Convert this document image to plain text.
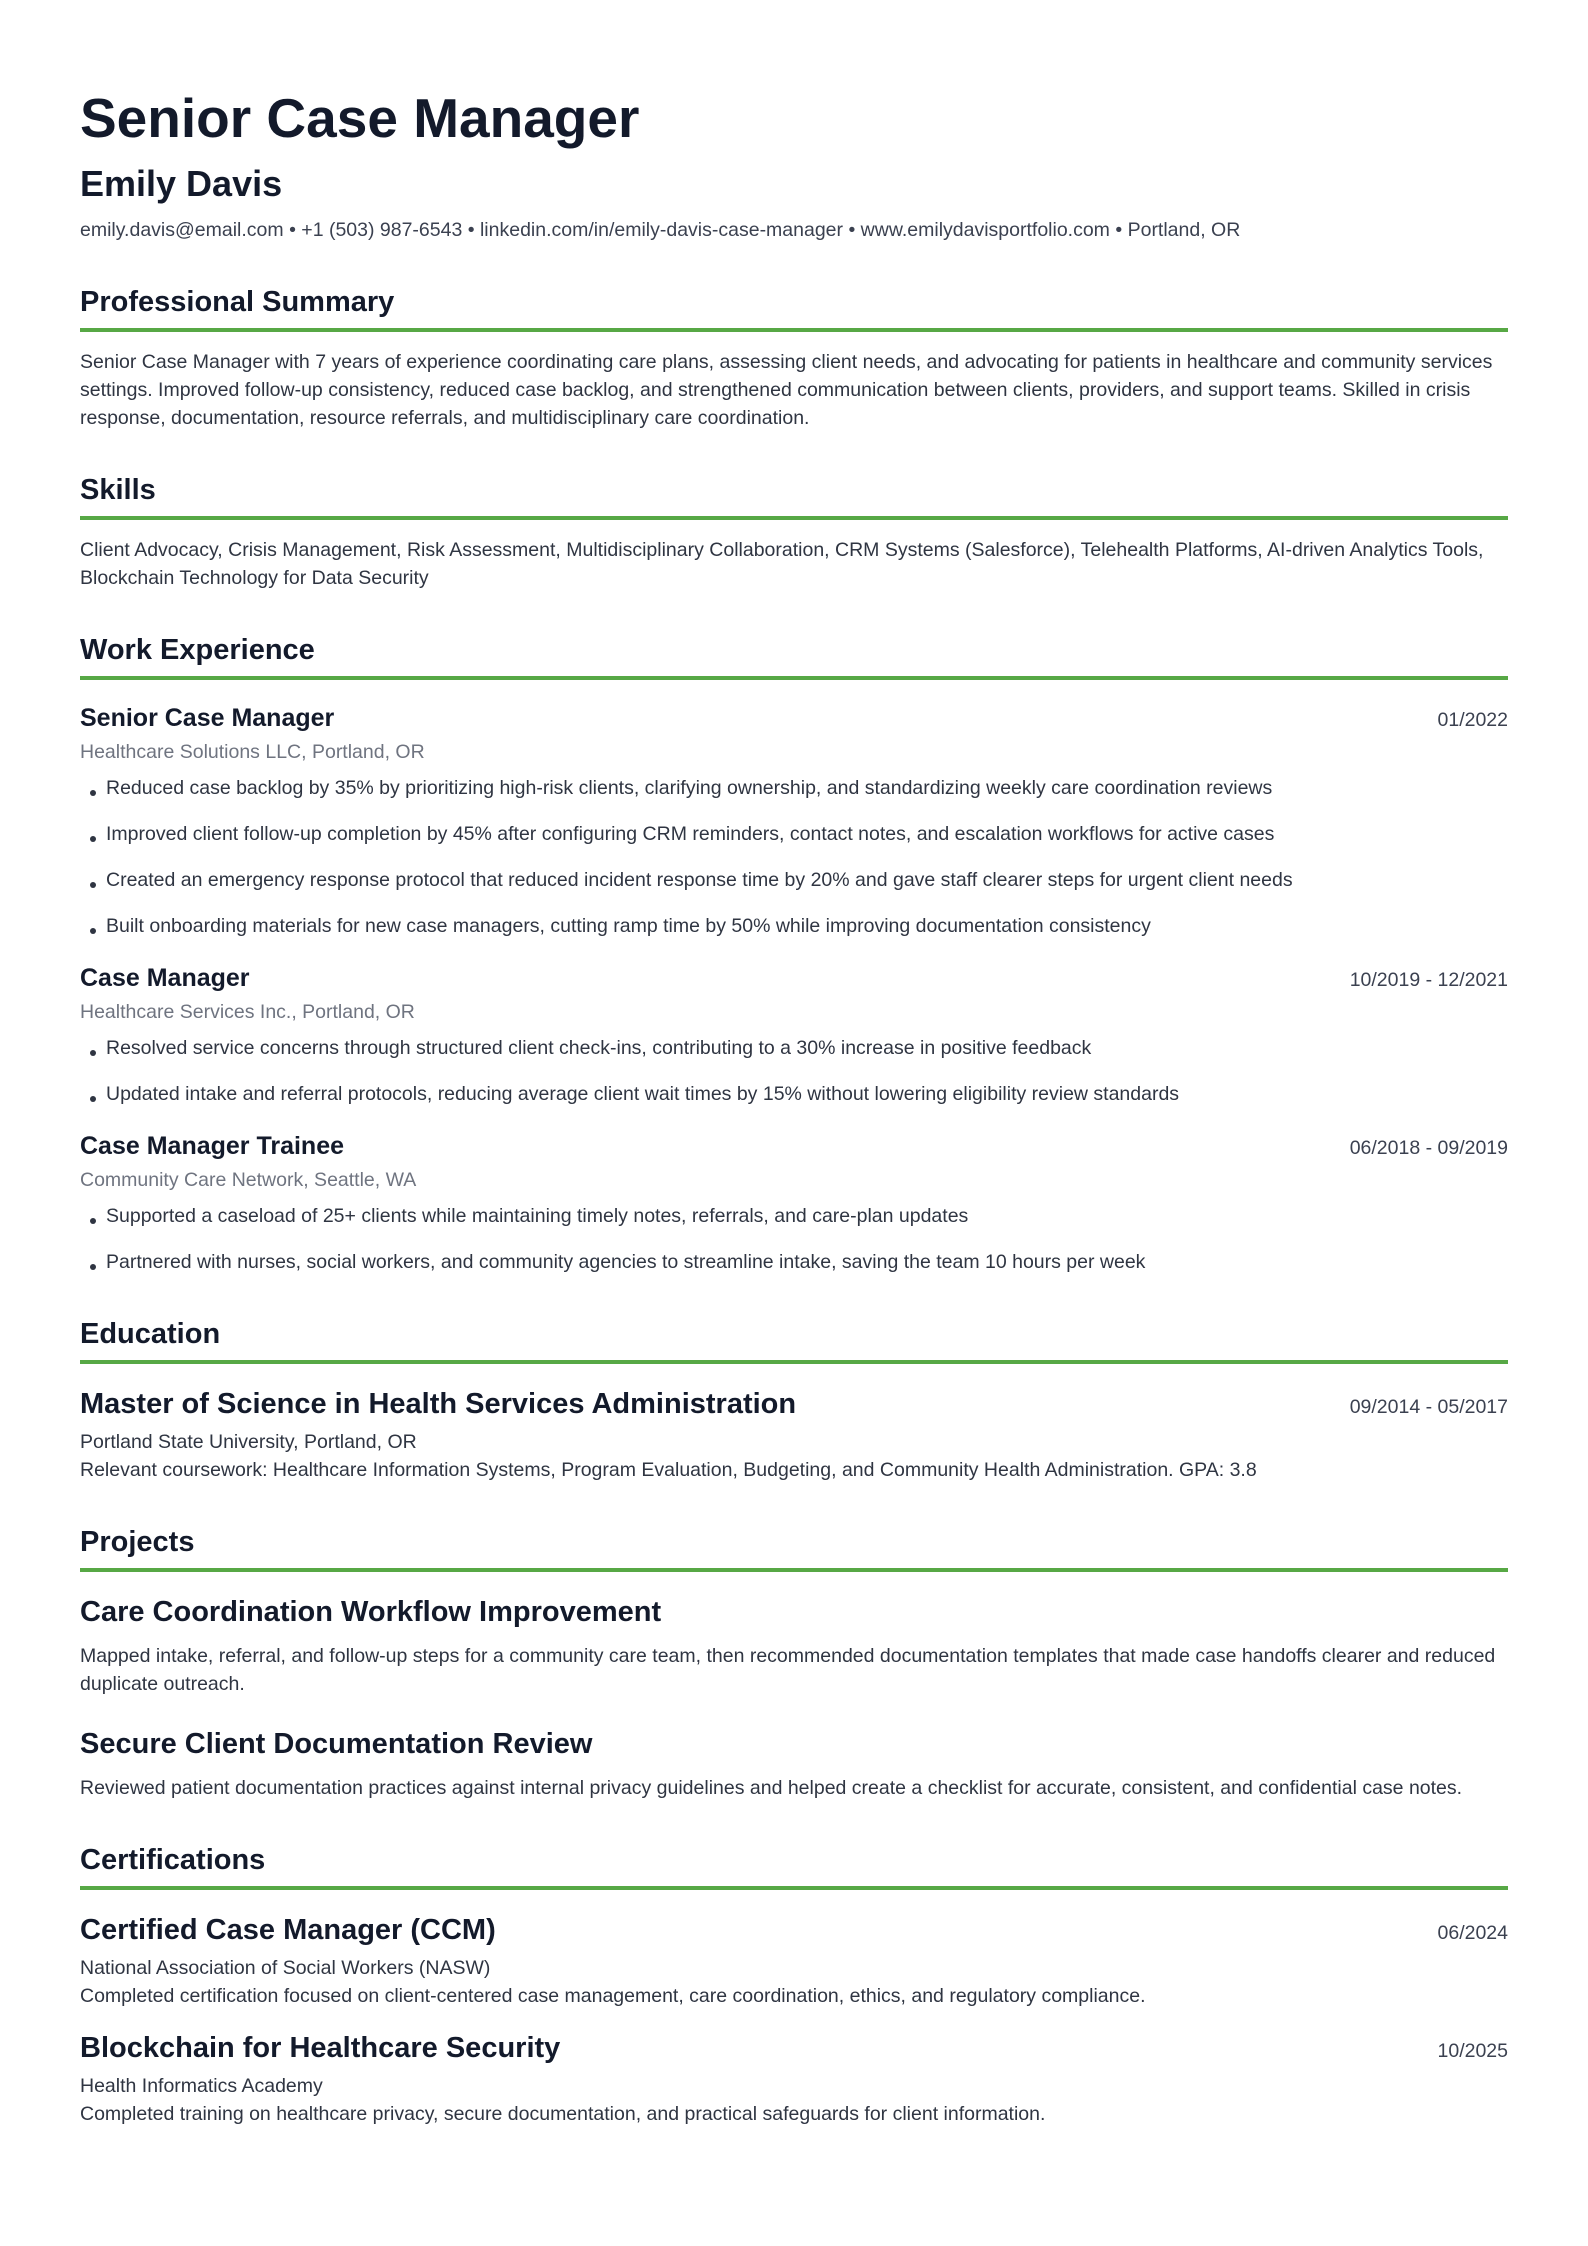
Senior Case Manager
Emily Davis
emily.davis@email.com • +1 (503) 987-6543 • linkedin.com/in/emily-davis-case-manager • www.emilydavisportfolio.com • Portland, OR
Professional Summary
Senior Case Manager with 7 years of experience coordinating care plans, assessing client needs, and advocating for patients in healthcare and community services settings. Improved follow-up consistency, reduced case backlog, and strengthened communication between clients, providers, and support teams. Skilled in crisis response, documentation, resource referrals, and multidisciplinary care coordination.
Skills
Client Advocacy, Crisis Management, Risk Assessment, Multidisciplinary Collaboration, CRM Systems (Salesforce), Telehealth Platforms, AI-driven Analytics Tools, Blockchain Technology for Data Security
Work Experience
Senior Case Manager	01/2022
Healthcare Solutions LLC, Portland, OR
Reduced case backlog by 35% by prioritizing high-risk clients, clarifying ownership, and standardizing weekly care coordination reviews
Improved client follow-up completion by 45% after configuring CRM reminders, contact notes, and escalation workflows for active cases
Created an emergency response protocol that reduced incident response time by 20% and gave staff clearer steps for urgent client needs
Built onboarding materials for new case managers, cutting ramp time by 50% while improving documentation consistency
Case Manager	10/2019 - 12/2021
Healthcare Services Inc., Portland, OR
Resolved service concerns through structured client check-ins, contributing to a 30% increase in positive feedback
Updated intake and referral protocols, reducing average client wait times by 15% without lowering eligibility review standards
Case Manager Trainee	06/2018 - 09/2019
Community Care Network, Seattle, WA
Supported a caseload of 25+ clients while maintaining timely notes, referrals, and care-plan updates
Partnered with nurses, social workers, and community agencies to streamline intake, saving the team 10 hours per week
Education
Master of Science in Health Services Administration	09/2014 - 05/2017
Portland State University, Portland, OR
Relevant coursework: Healthcare Information Systems, Program Evaluation, Budgeting, and Community Health Administration. GPA: 3.8
Projects
Care Coordination Workflow Improvement
Mapped intake, referral, and follow-up steps for a community care team, then recommended documentation templates that made case handoffs clearer and reduced duplicate outreach.
Secure Client Documentation Review
Reviewed patient documentation practices against internal privacy guidelines and helped create a checklist for accurate, consistent, and confidential case notes.
Certifications
Certified Case Manager (CCM)	06/2024
National Association of Social Workers (NASW)
Completed certification focused on client-centered case management, care coordination, ethics, and regulatory compliance.
Blockchain for Healthcare Security	10/2025
Health Informatics Academy
Completed training on healthcare privacy, secure documentation, and practical safeguards for client information.
